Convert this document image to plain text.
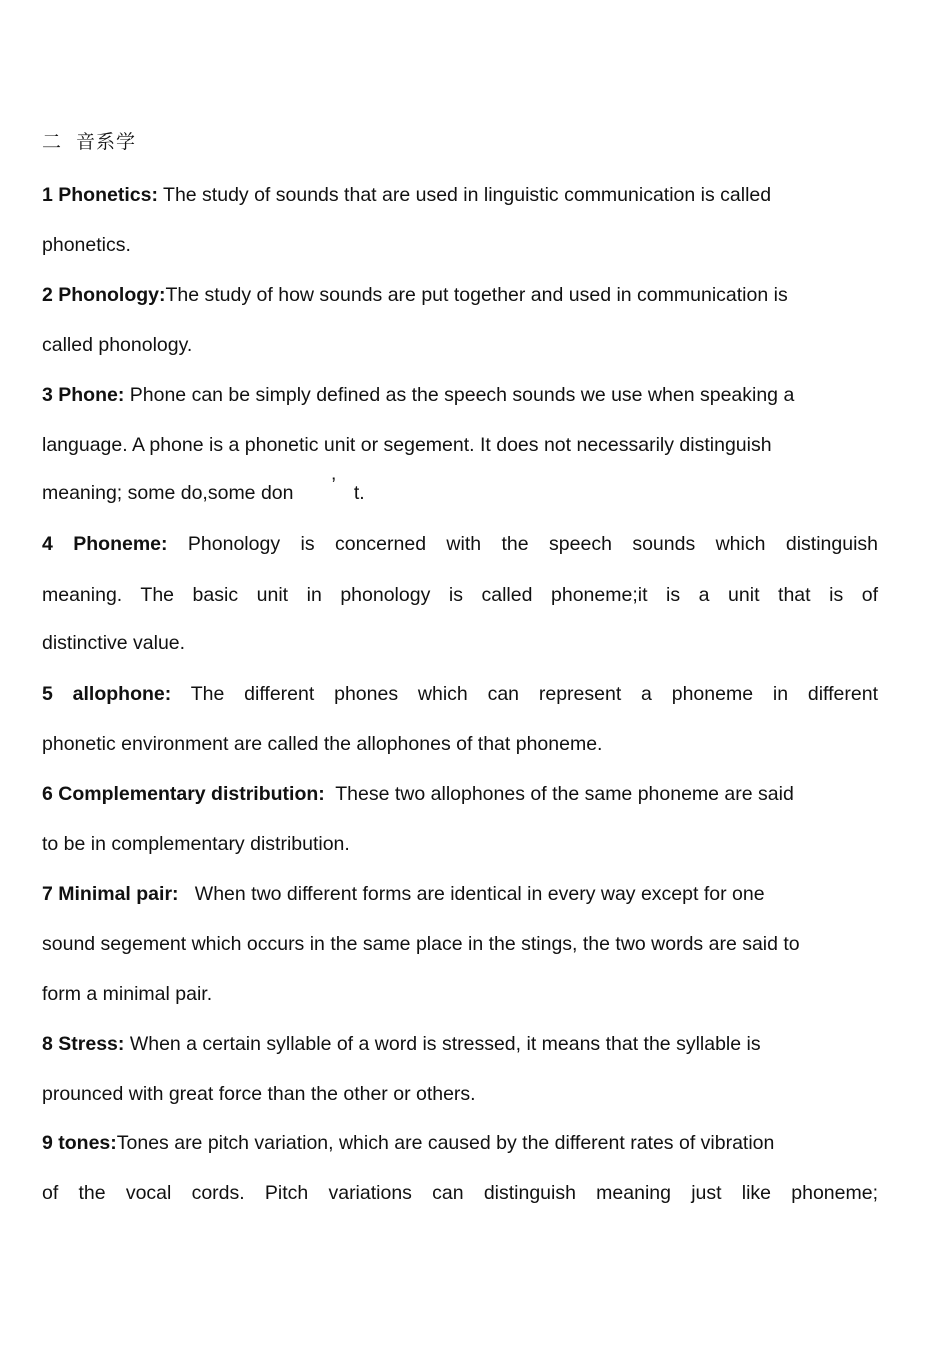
二 音系学
1 Phonetics: The study of sounds that are used in linguistic communication is called
phonetics.
2 Phonology:The study of how sounds are put together and used in communication is
called phonology.
3 Phone: Phone can be simply defined as the speech sounds we use when speaking a
language. A phone is a phonetic unit or segement. It does not necessarily distinguish
meaning; some do,some don ’ t.
4 Phoneme: Phonology is concerned with the speech sounds which distinguish
meaning. The basic unit in phonology is called phoneme;it is a unit that is of
distinctive value.
5 allophone: The different phones which can represent a phoneme in different
phonetic environment are called the allophones of that phoneme.
6 Complementary distribution: These two allophones of the same phoneme are said
to be in complementary distribution.
7 Minimal pair: When two different forms are identical in every way except for one
sound segement which occurs in the same place in the stings, the two words are said to
form a minimal pair.
8 Stress: When a certain syllable of a word is stressed, it means that the syllable is
prounced with great force than the other or others.
9 tones:Tones are pitch variation, which are caused by the different rates of vibration
of the vocal cords. Pitch variations can distinguish meaning just like phoneme;
